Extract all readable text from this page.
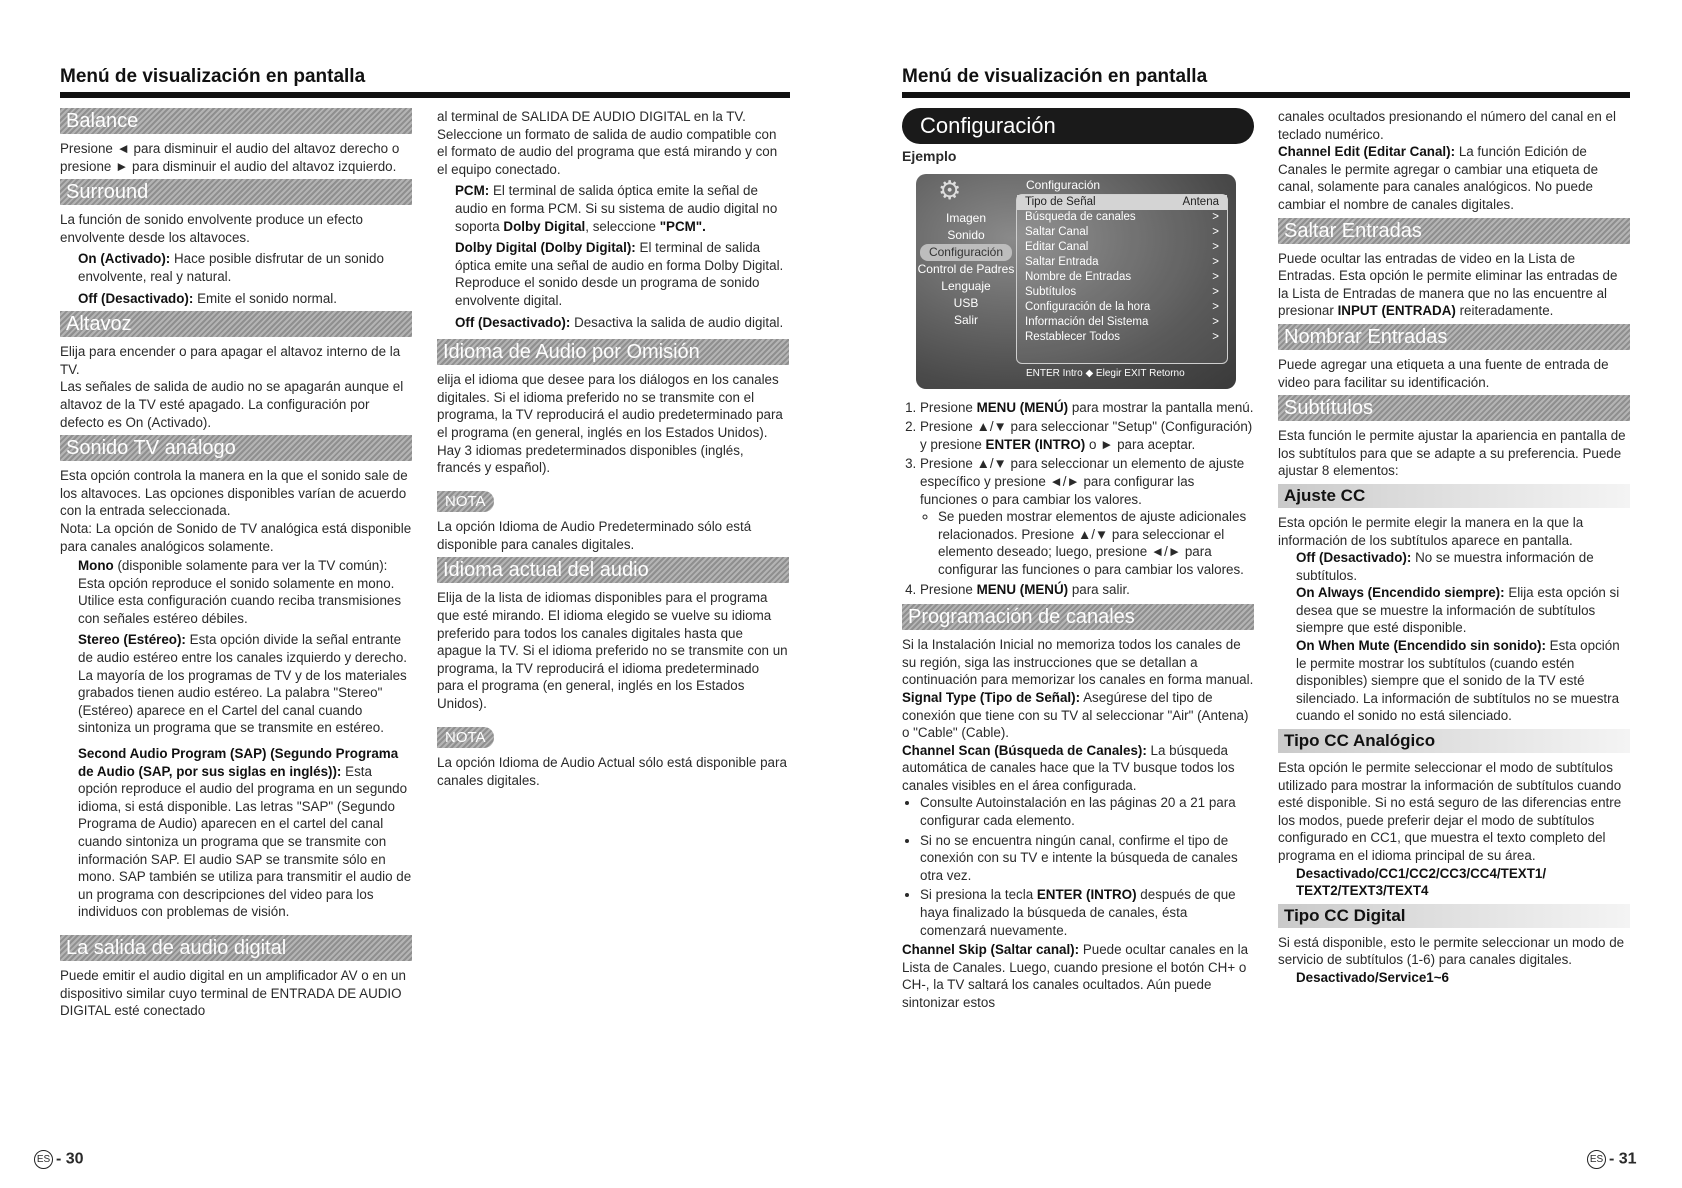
Menú de visualización en pantalla
Balance

Presione ◄ para disminuir el audio del altavoz derecho o presione ► para disminuir el audio del altavoz izquierdo.

Surround

La función de sonido envolvente produce un efecto envolvente desde los altavoces.

On (Activado): Hace posible disfrutar de un sonido envolvente, real y natural.

Off (Desactivado): Emite el sonido normal.

Altavoz

Elija para encender o para apagar el altavoz interno de la TV.

Las señales de salida de audio no se apagarán aunque el altavoz de la TV esté apagado. La configuración por defecto es On (Activado).

Sonido TV análogo

Esta opción controla la manera en la que el sonido sale de los altavoces. Las opciones disponibles varían de acuerdo con la entrada seleccionada.

Nota: La opción de Sonido de TV analógica está disponible para canales analógicos solamente.

Mono (disponible solamente para ver la TV común): Esta opción reproduce el sonido solamente en mono. Utilice esta configuración cuando reciba transmisiones con señales estéreo débiles.

Stereo (Estéreo): Esta opción divide la señal entrante de audio estéreo entre los canales izquierdo y derecho. La mayoría de los programas de TV y de los materiales grabados tienen audio estéreo. La palabra "Stereo" (Estéreo) aparece en el Cartel del canal cuando sintoniza un programa que se transmite en estéreo.

Second Audio Program (SAP) (Segundo Programa de Audio (SAP, por sus siglas en inglés)): Esta opción reproduce el audio del programa en un segundo idioma, si está disponible. Las letras "SAP" (Segundo Programa de Audio) aparecen en el cartel del canal cuando sintoniza un programa que se transmite con información SAP. El audio SAP se transmite sólo en mono. SAP también se utiliza para transmitir el audio de un programa con descripciones del video para los individuos con problemas de visión.

La salida de audio digital

Puede emitir el audio digital en un amplificador AV o en un dispositivo similar cuyo terminal de ENTRADA DE AUDIO DIGITAL esté conectado

al terminal de SALIDA DE AUDIO DIGITAL en la TV. Seleccione un formato de salida de audio compatible con el formato de audio del programa que está mirando y con el equipo conectado.

PCM: El terminal de salida óptica emite la señal de audio en forma PCM. Si su sistema de audio digital no soporta Dolby Digital, seleccione "PCM".

Dolby Digital (Dolby Digital): El terminal de salida óptica emite una señal de audio en forma Dolby Digital. Reproduce el sonido desde un programa de sonido envolvente digital.

Off (Desactivado): Desactiva la salida de audio digital.

Idioma de Audio por Omisión

elija el idioma que desee para los diálogos en los canales digitales. Si el idioma preferido no se transmite con el programa, la TV reproducirá el audio predeterminado para el programa (en general, inglés en los Estados Unidos). Hay 3 idiomas predeterminados disponibles (inglés, francés y español).

NOTA

La opción Idioma de Audio Predeterminado sólo está disponible para canales digitales.

Idioma actual del audio

Elija de la lista de idiomas disponibles para el programa que esté mirando. El idioma elegido se vuelve su idioma preferido para todos los canales digitales hasta que apague la TV. Si el idioma preferido no se transmite con un programa, la TV reproducirá el idioma predeterminado para el programa (en general, inglés en los Estados Unidos).

NOTA

La opción Idioma de Audio Actual sólo está disponible para canales digitales.

ES - 30
Menú de visualización en pantalla
Configuración
Ejemplo
⚙	Configuración
Imagen
Sonido
Configuración
Control de Padres
Lenguaje
USB
Salir
Tipo de Señal	Antena
Búsqueda de canales	>
Saltar Canal	>
Editar Canal	>
Saltar Entrada	>
Nombre de Entradas	>
Subtítulos	>
Configuración de la hora	>
Información del Sistema	>
Restablecer Todos	>
ENTER Intro ◆ Elegir EXIT Retorno
1. Presione MENU (MENÚ) para mostrar la pantalla menú.
2. Presione ▲/▼ para seleccionar "Setup" (Configuración) y presione ENTER (INTRO) o ► para aceptar.
3. Presione ▲/▼ para seleccionar un elemento de ajuste específico y presione ◄/► para configurar las funciones o para cambiar los valores.
◦ Se pueden mostrar elementos de ajuste adicionales relacionados. Presione ▲/▼ para seleccionar el elemento deseado; luego, presione ◄/► para configurar las funciones o para cambiar los valores.
4. Presione MENU (MENÚ) para salir.
Programación de canales

Si la Instalación Inicial no memoriza todos los canales de su región, siga las instrucciones que se detallan a continuación para memorizar los canales en forma manual.

Signal Type (Tipo de Señal): Asegúrese del tipo de conexión que tiene con su TV al seleccionar "Air" (Antena) o "Cable" (Cable).

Channel Scan (Búsqueda de Canales): La búsqueda automática de canales hace que la TV busque todos los canales visibles en el área configurada.

• Consulte Autoinstalación en las páginas 20 a 21 para configurar cada elemento.
• Si no se encuentra ningún canal, confirme el tipo de conexión con su TV e intente la búsqueda de canales otra vez.
• Si presiona la tecla ENTER (INTRO) después de que haya finalizado la búsqueda de canales, ésta comenzará nuevamente.

Channel Skip (Saltar canal): Puede ocultar canales en la Lista de Canales. Luego, cuando presione el botón CH+ o CH-, la TV saltará los canales ocultados. Aún puede sintonizar estos

canales ocultados presionando el número del canal en el teclado numérico.

Channel Edit (Editar Canal): La función Edición de Canales le permite agregar o cambiar una etiqueta de canal, solamente para canales analógicos. No puede cambiar el nombre de canales digitales.

Saltar Entradas

Puede ocultar las entradas de video en la Lista de Entradas. Esta opción le permite eliminar las entradas de la Lista de Entradas de manera que no las encuentre al presionar INPUT (ENTRADA) reiteradamente.

Nombrar Entradas

Puede agregar una etiqueta a una fuente de entrada de video para facilitar su identificación.

Subtítulos

Esta función le permite ajustar la apariencia en pantalla de los subtítulos para que se adapte a su preferencia. Puede ajustar 8 elementos:

Ajuste CC

Esta opción le permite elegir la manera en la que la información de los subtítulos aparece en pantalla.

Off (Desactivado): No se muestra información de subtítulos.

On Always (Encendido siempre): Elija esta opción si desea que se muestre la información de subtítulos siempre que esté disponible.

On When Mute (Encendido sin sonido): Esta opción le permite mostrar los subtítulos (cuando estén disponibles) siempre que el sonido de la TV esté silenciado. La información de subtítulos no se muestra cuando el sonido no está silenciado.

Tipo CC Analógico

Esta opción le permite seleccionar el modo de subtítulos utilizado para mostrar la información de subtítulos cuando esté disponible. Si no está seguro de las diferencias entre los modos, puede preferir dejar el modo de subtítulos configurado en CC1, que muestra el texto completo del programa en el idioma principal de su área.

Desactivado/CC1/CC2/CC3/CC4/TEXT1/ TEXT2/TEXT3/TEXT4

Tipo CC Digital

Si está disponible, esto le permite seleccionar un modo de servicio de subtítulos (1-6) para canales digitales.

Desactivado/Service1~6

ES - 31
